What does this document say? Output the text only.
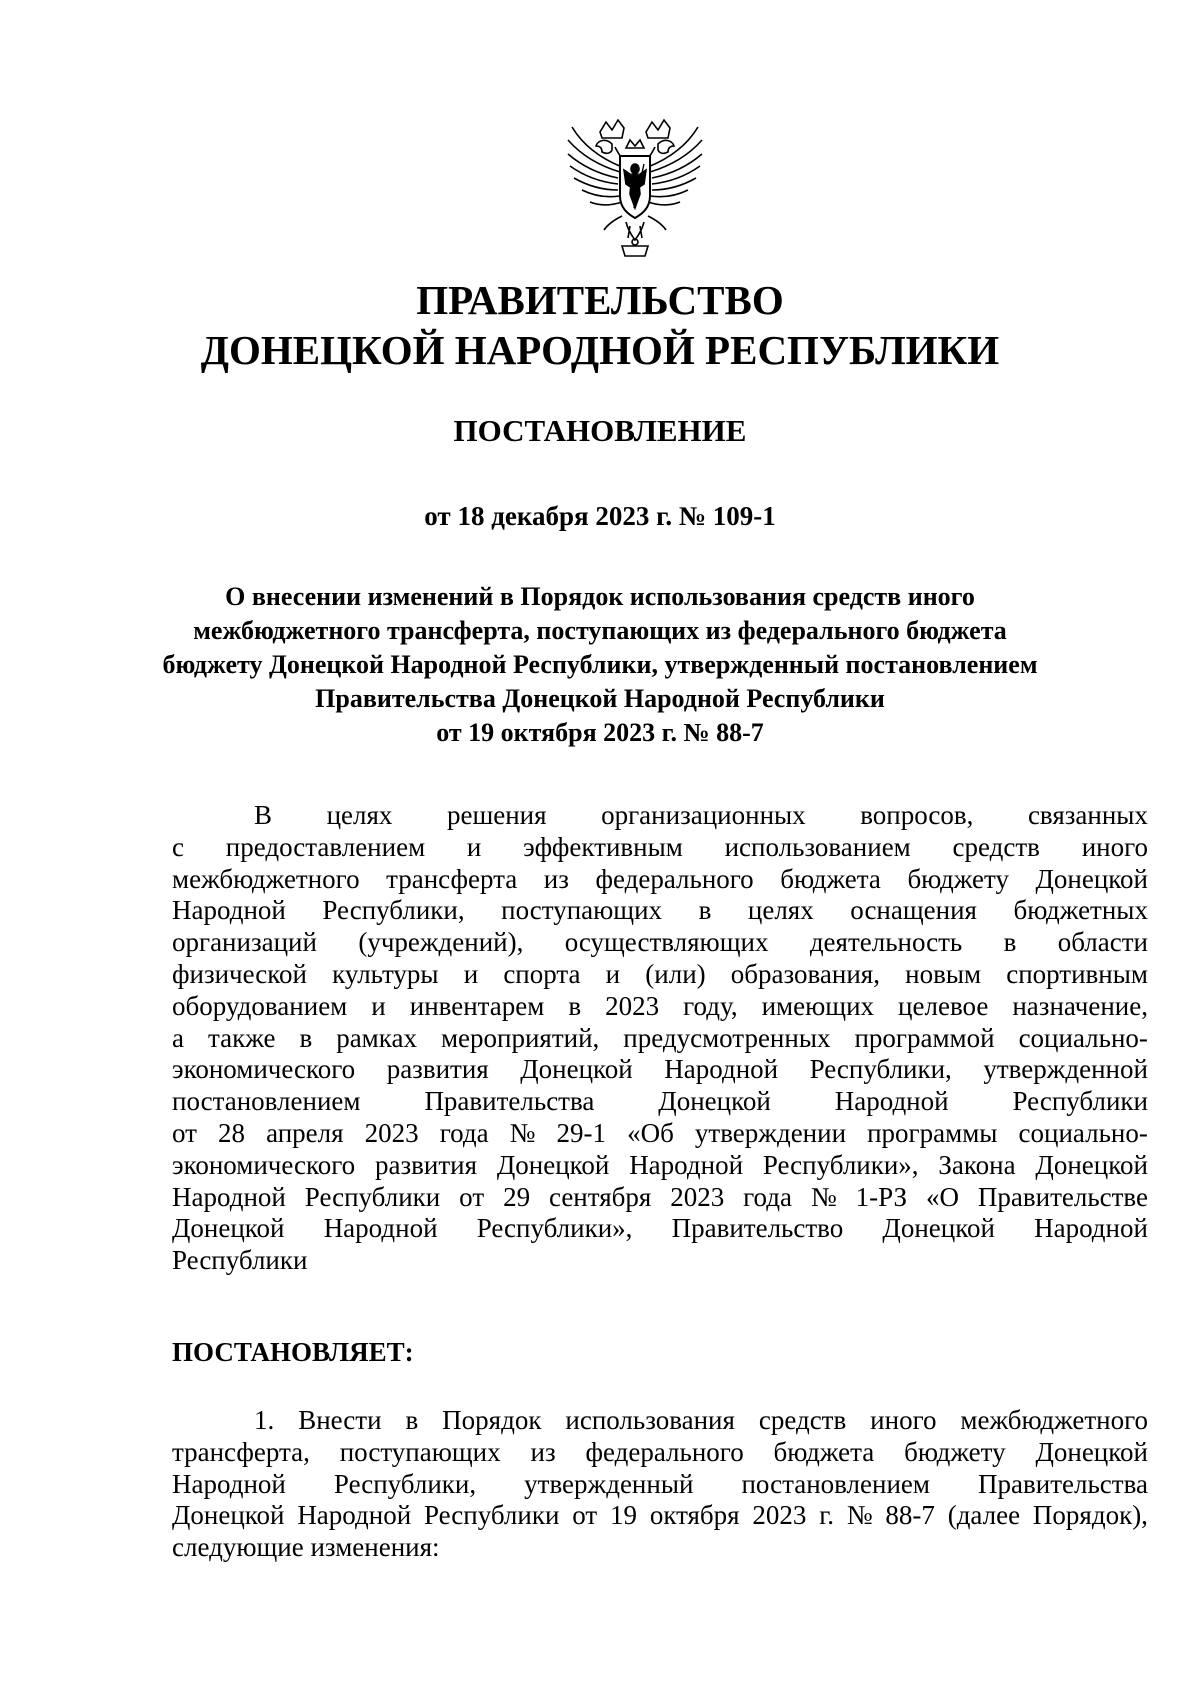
ПРАВИТЕЛЬСТВО
ДОНЕЦКОЙ НАРОДНОЙ РЕСПУБЛИКИ
ПОСТАНОВЛЕНИЕ
от 18 декабря 2023 г. № 109-1
О внесении изменений в Порядок использования средств иного
межбюджетного трансферта, поступающих из федерального бюджета
бюджету Донецкой Народной Республики, утвержденный постановлением
Правительства Донецкой Народной Республики
от 19 октября 2023 г. № 88-7
В целях решения организационных вопросов, связанных
с предоставлением и эффективным использованием средств иного
межбюджетного трансферта из федерального бюджета бюджету Донецкой
Народной Республики, поступающих в целях оснащения бюджетных
организаций (учреждений), осуществляющих деятельность в области
физической культуры и спорта и (или) образования, новым спортивным
оборудованием и инвентарем в 2023 году, имеющих целевое назначение,
а также в рамках мероприятий, предусмотренных программой социально-
экономического развития Донецкой Народной Республики, утвержденной
постановлением Правительства Донецкой Народной Республики
от 28 апреля 2023 года № 29-1 «Об утверждении программы социально-
экономического развития Донецкой Народной Республики», Закона Донецкой
Народной Республики от 29 сентября 2023 года № 1-РЗ «О Правительстве
Донецкой Народной Республики», Правительство Донецкой Народной
Республики
ПОСТАНОВЛЯЕТ:
1. Внести в Порядок использования средств иного межбюджетного
трансферта, поступающих из федерального бюджета бюджету Донецкой
Народной Республики, утвержденный постановлением Правительства
Донецкой Народной Республики от 19 октября 2023 г. № 88-7 (далее Порядок),
следующие изменения:
